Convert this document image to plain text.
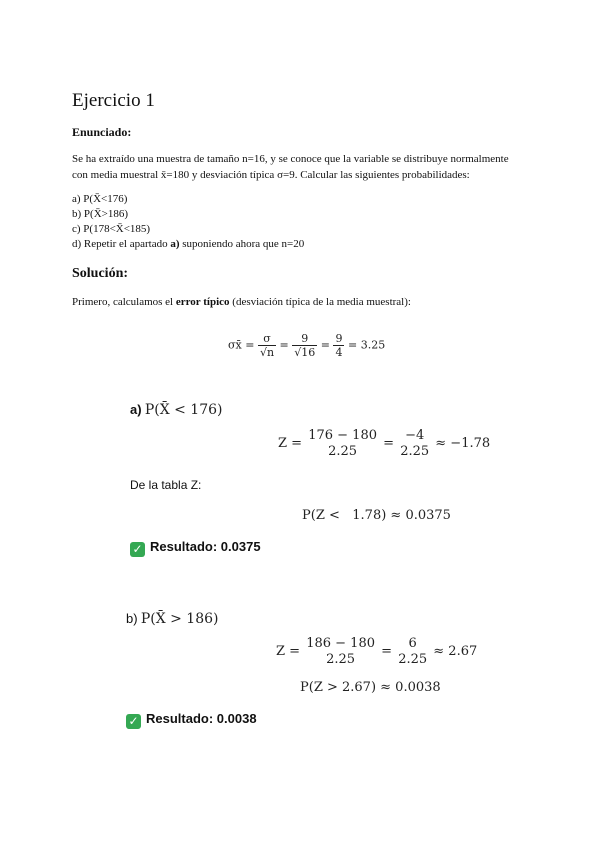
Ejercicio 1
Enunciado:
Se ha extraído una muestra de tamaño n=16, y se conoce que la variable se distribuye normalmente
con media muestral x̄=180 y desviación típica σ=9. Calcular las siguientes probabilidades:
a) P(X̄<176)
b) P(X̄>186)
c) P(178<X̄<185)
d) Repetir el apartado a) suponiendo ahora que n=20
Solución:
Primero, calculamos el error típico (desviación típica de la media muestral):
σx̄ = $\frac{\sigma}{√n} = \frac{9}{√16} = \frac{9}{4} = 3.25$
a) P(X̄ < 176)
Z =
176 − 180
2.25
=
−4
2.25
≈ −1.78
De la tabla Z:
P(Z <   1.78) ≈ 0.0375
✓ Resultado: 0.0375
b) P(X̄ > 186)
Z =
186 − 180
2.25
=
6
2.25
≈ 2.67
P(Z > 2.67) ≈ 0.0038
✓ Resultado: 0.0038
